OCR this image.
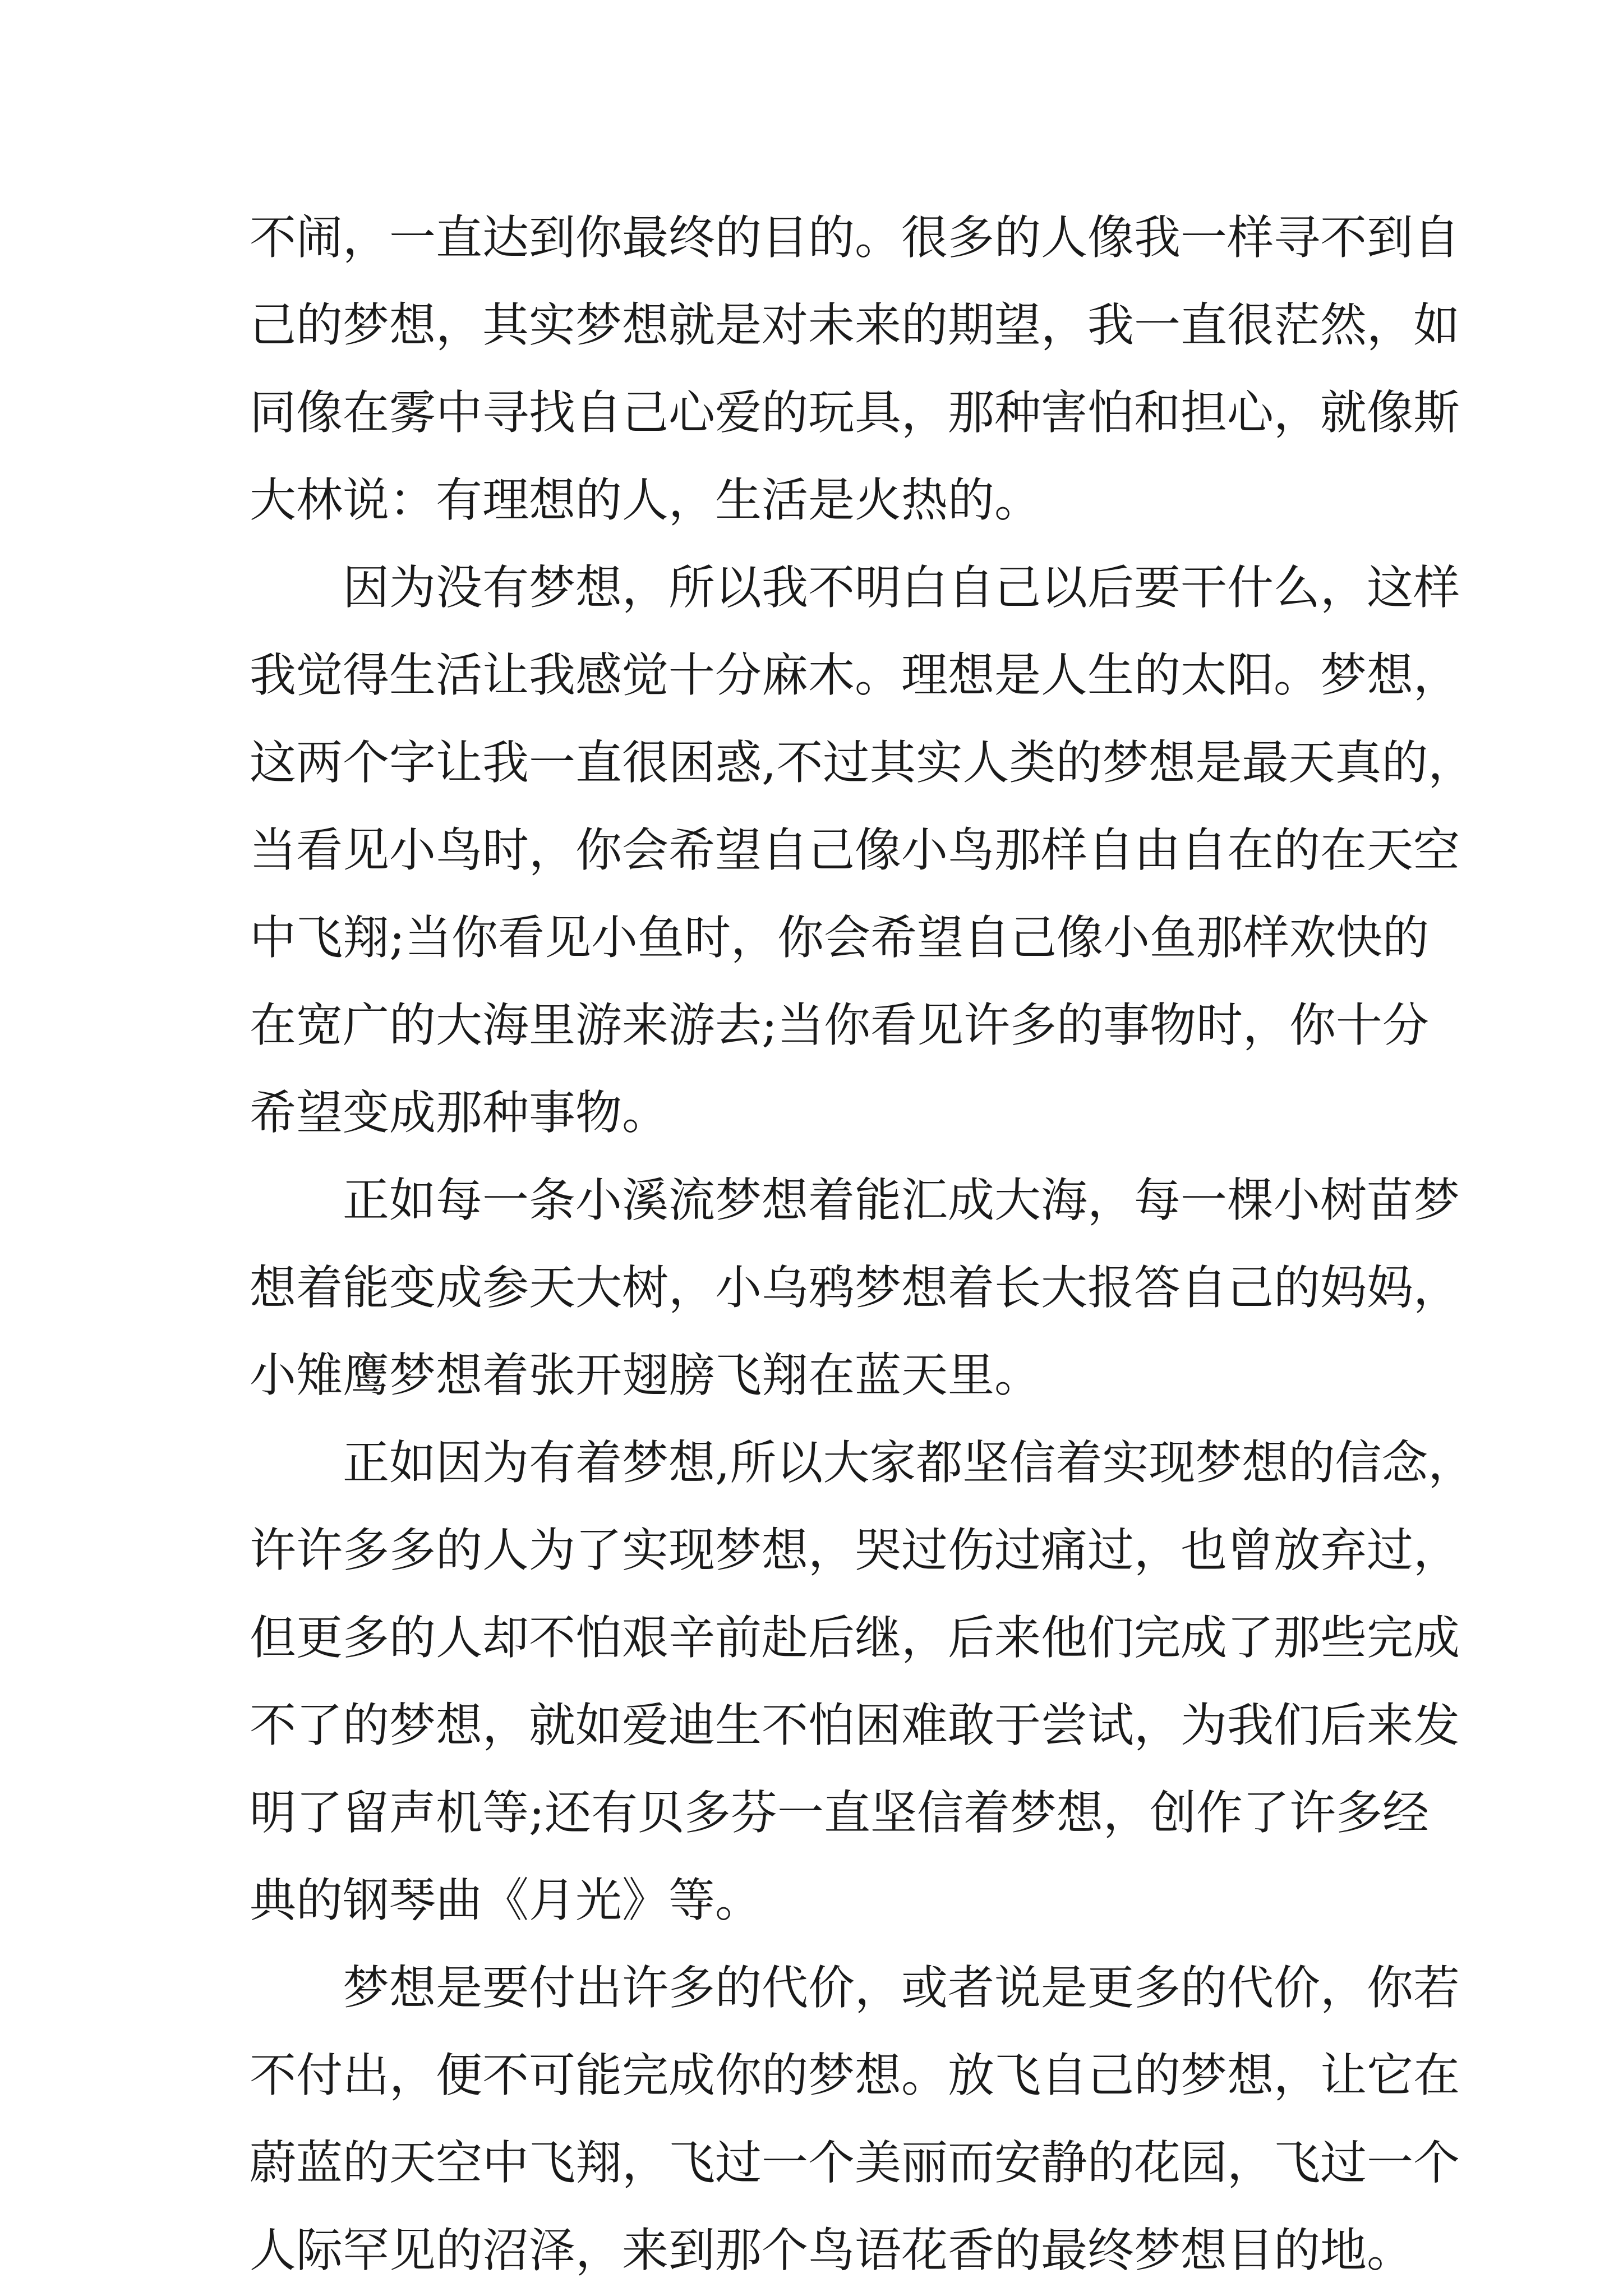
不闹，一直达到你最终的目的。很多的人像我一样寻不到自
己的梦想，其实梦想就是对未来的期望，我一直很茫然，如
同像在雾中寻找自己心爱的玩具，那种害怕和担心，就像斯
大林说：有理想的人，生活是火热的。
因为没有梦想，所以我不明白自己以后要干什么，这样
我觉得生活让我感觉十分麻木。理想是人生的太阳。梦想，
这两个字让我一直很困惑,不过其实人类的梦想是最天真的，
当看见小鸟时，你会希望自己像小鸟那样自由自在的在天空
中飞翔;当你看见小鱼时，你会希望自己像小鱼那样欢快的
在宽广的大海里游来游去;当你看见许多的事物时，你十分
希望变成那种事物。
正如每一条小溪流梦想着能汇成大海，每一棵小树苗梦
想着能变成参天大树，小乌鸦梦想着长大报答自己的妈妈，
小雉鹰梦想着张开翅膀飞翔在蓝天里。
正如因为有着梦想,所以大家都坚信着实现梦想的信念，
许许多多的人为了实现梦想，哭过伤过痛过，也曾放弃过，
但更多的人却不怕艰辛前赴后继，后来他们完成了那些完成
不了的梦想，就如爱迪生不怕困难敢于尝试，为我们后来发
明了留声机等;还有贝多芬一直坚信着梦想，创作了许多经
典的钢琴曲《月光》等。
梦想是要付出许多的代价，或者说是更多的代价，你若
不付出，便不可能完成你的梦想。放飞自己的梦想，让它在
蔚蓝的天空中飞翔，飞过一个美丽而安静的花园，飞过一个
人际罕见的沼泽，来到那个鸟语花香的最终梦想目的地。
